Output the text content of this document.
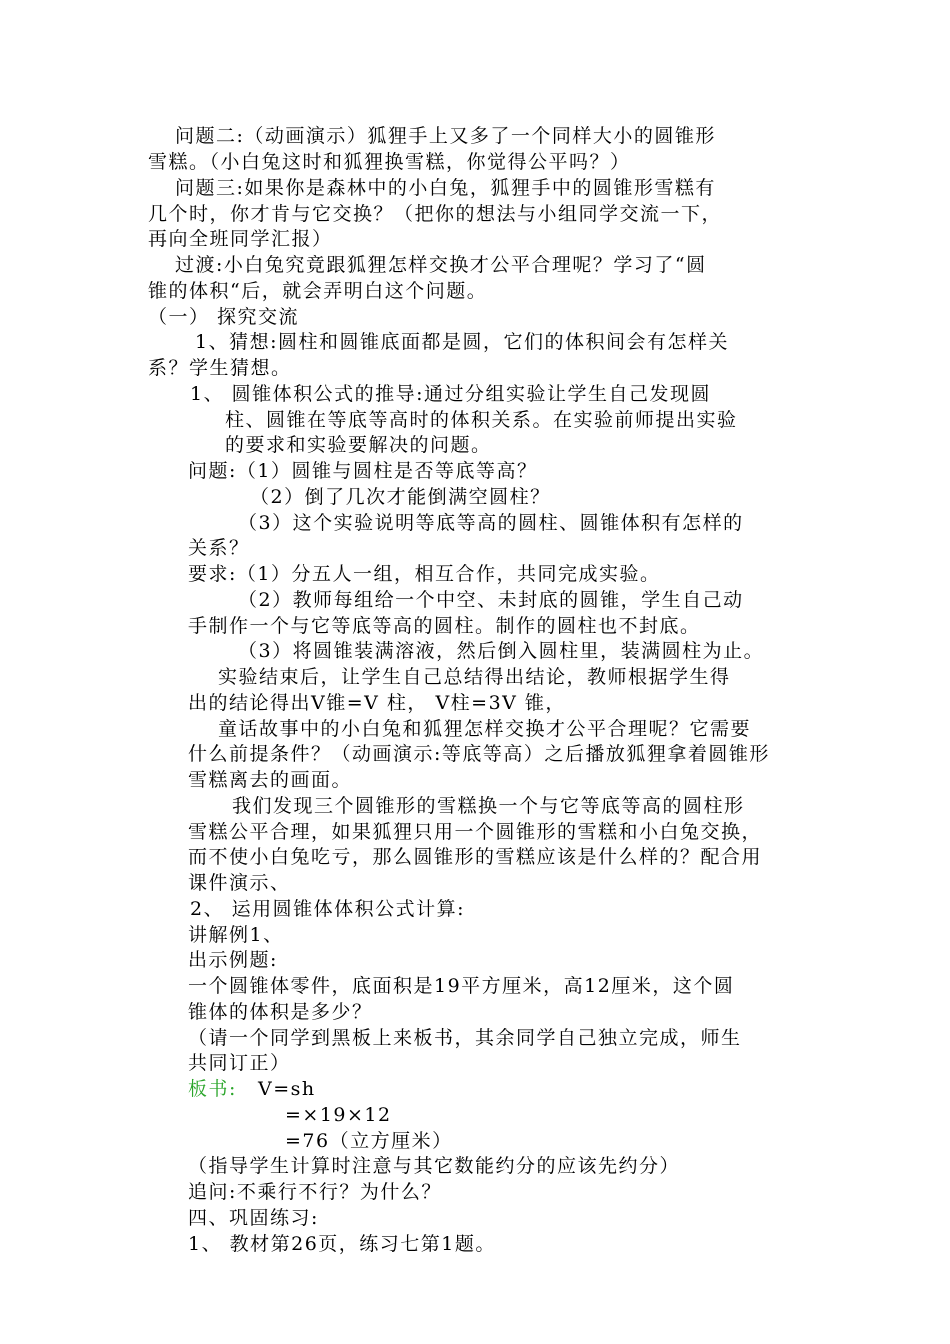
问题二:（动画演示）狐狸手上又多了一个同样大小的圆锥形
雪糕。（小白兔这时和狐狸换雪糕，你觉得公平吗？）
问题三:如果你是森林中的小白兔，狐狸手中的圆锥形雪糕有
几个时，你才肯与它交换？（把你的想法与小组同学交流一下，
再向全班同学汇报）
过渡:小白兔究竟跟狐狸怎样交换才公平合理呢？学习了“圆
锥的体积“后，就会弄明白这个问题。
（一） 探究交流
1、猜想:圆柱和圆锥底面都是圆，它们的体积间会有怎样关
系？学生猜想。
1、 圆锥体积公式的推导:通过分组实验让学生自己发现圆
柱、圆锥在等底等高时的体积关系。在实验前师提出实验
的要求和实验要解决的问题。
问题:（1）圆锥与圆柱是否等底等高？
（2）倒了几次才能倒满空圆柱？
（3）这个实验说明等底等高的圆柱、圆锥体积有怎样的
关系？
要求:（1）分五人一组，相互合作，共同完成实验。
（2）教师每组给一个中空、未封底的圆锥，学生自己动
手制作一个与它等底等高的圆柱。制作的圆柱也不封底。
（3）将圆锥装满溶液，然后倒入圆柱里，装满圆柱为止。
实验结束后，让学生自己总结得出结论，教师根据学生得
出的结论得出V锥=V 柱， V柱=3V 锥，
童话故事中的小白兔和狐狸怎样交换才公平合理呢？它需要
什么前提条件？（动画演示:等底等高）之后播放狐狸拿着圆锥形
雪糕离去的画面。
我们发现三个圆锥形的雪糕换一个与它等底等高的圆柱形
雪糕公平合理，如果狐狸只用一个圆锥形的雪糕和小白兔交换，
而不使小白兔吃亏，那么圆锥形的雪糕应该是什么样的？配合用
课件演示、
2、 运用圆锥体体积公式计算:
讲解例1、
出示例题:
一个圆锥体零件，底面积是19平方厘米，高12厘米，这个圆
锥体的体积是多少？
（请一个同学到黑板上来板书，其余同学自己独立完成，师生
共同订正）
板书: V=sh
=×19×12
=76（立方厘米）
（指导学生计算时注意与其它数能约分的应该先约分）
追问:不乘行不行？为什么？
四、巩固练习:
1、 教材第26页，练习七第1题。
